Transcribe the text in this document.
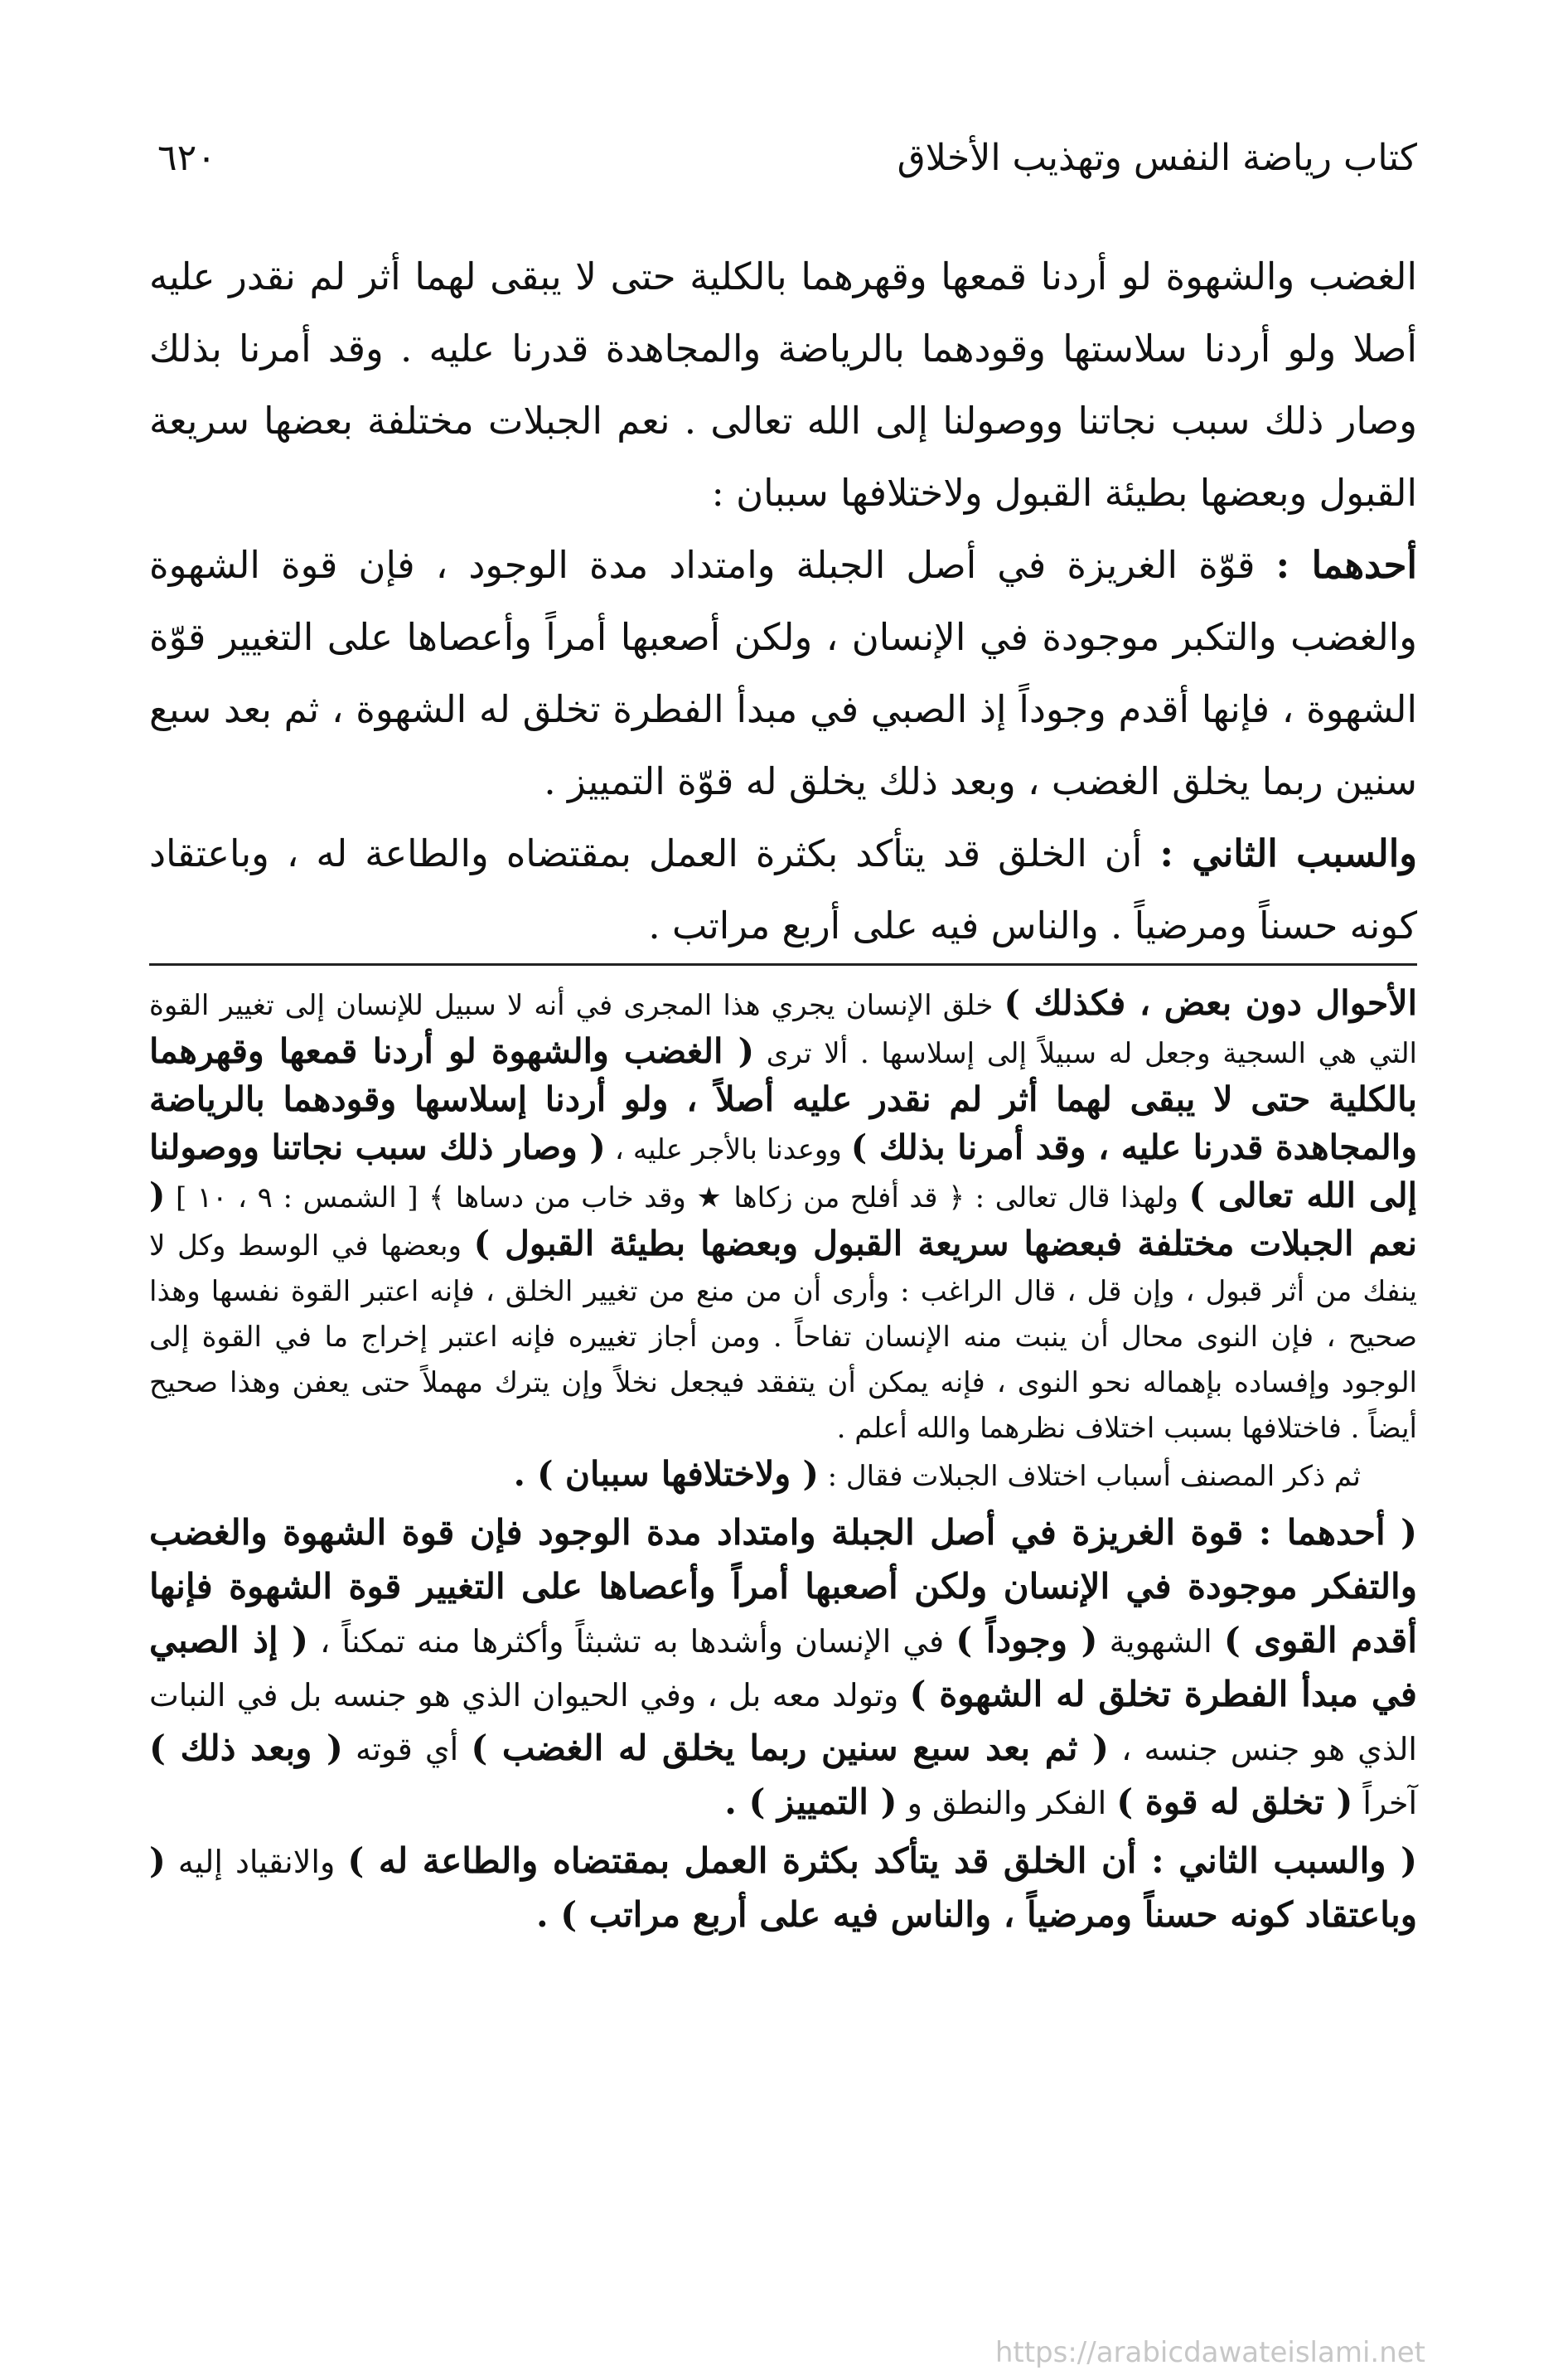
كتاب رياضة النفس وتهذيب الأخلاق
٦٢٠

الغضب والشهوة لو أردنا قمعها وقهرهما بالكلية حتى لا يبقى لهما أثر لم نقدر عليه أصلا ولو أردنا سلاستها وقودهما بالرياضة والمجاهدة قدرنا عليه . وقد أمرنا بذلك وصار ذلك سبب نجاتنا ووصولنا إلى الله تعالى . نعم الجبلات مختلفة بعضها سريعة القبول وبعضها بطيئة القبول ولاختلافها سببان :

أحدهما : قوّة الغريزة في أصل الجبلة وامتداد مدة الوجود ، فإن قوة الشهوة والغضب والتكبر موجودة في الإنسان ، ولكن أصعبها أمراً وأعصاها على التغيير قوّة الشهوة ، فإنها أقدم وجوداً إذ الصبي في مبدأ الفطرة تخلق له الشهوة ، ثم بعد سبع سنين ربما يخلق الغضب ، وبعد ذلك يخلق له قوّة التمييز .

والسبب الثاني : أن الخلق قد يتأكد بكثرة العمل بمقتضاه والطاعة له ، وباعتقاد كونه حسناً ومرضياً . والناس فيه على أربع مراتب .

الأحوال دون بعض ، فكذلك ) خلق الإنسان يجري هذا المجرى في أنه لا سبيل للإنسان إلى تغيير القوة التي هي السجية وجعل له سبيلاً إلى إسلاسها . ألا ترى ( الغضب والشهوة لو أردنا قمعها وقهرهما بالكلية حتى لا يبقى لهما أثر لم نقدر عليه أصلاً ، ولو أردنا إسلاسها وقودهما بالرياضة والمجاهدة قدرنا عليه ، وقد أمرنا بذلك ) ووعدنا بالأجر عليه ، ( وصار ذلك سبب نجاتنا ووصولنا إلى الله تعالى ) ولهذا قال تعالى : ﴿ قد أفلح من زكاها ★ وقد خاب من دساها ﴾ [ الشمس : ٩ ، ١٠ ] ( نعم الجبلات مختلفة فبعضها سريعة القبول وبعضها بطيئة القبول ) وبعضها في الوسط وكل لا ينفك من أثر قبول ، وإن قل ، قال الراغب : وأرى أن من منع من تغيير الخلق ، فإنه اعتبر القوة نفسها وهذا صحيح ، فإن النوى محال أن ينبت منه الإنسان تفاحاً . ومن أجاز تغييره فإنه اعتبر إخراج ما في القوة إلى الوجود وإفساده بإهماله نحو النوى ، فإنه يمكن أن يتفقد فيجعل نخلاً وإن يترك مهملاً حتى يعفن وهذا صحيح أيضاً . فاختلافها بسبب اختلاف نظرهما والله أعلم .

  ثم ذكر المصنف أسباب اختلاف الجبلات فقال : ( ولاختلافها سببان ) .

( أحدهما : قوة الغريزة في أصل الجبلة وامتداد مدة الوجود فإن قوة الشهوة والغضب والتفكر موجودة في الإنسان ولكن أصعبها أمراً وأعصاها على التغيير قوة الشهوة فإنها أقدم القوى ) الشهوية ( وجوداً ) في الإنسان وأشدها به تشبثاً وأكثرها منه تمكناً ، ( إذ الصبي في مبدأ الفطرة تخلق له الشهوة ) وتولد معه بل ، وفي الحيوان الذي هو جنسه بل في النبات الذي هو جنس جنسه ، ( ثم بعد سبع سنين ربما يخلق له الغضب ) أي قوته ( وبعد ذلك ) آخراً ( تخلق له قوة ) الفكر والنطق و ( التمييز ) .

( والسبب الثاني : أن الخلق قد يتأكد بكثرة العمل بمقتضاه والطاعة له ) والانقياد إليه ( وباعتقاد كونه حسناً ومرضياً ، والناس فيه على أربع مراتب ) .

https://arabicdawateislami.net
